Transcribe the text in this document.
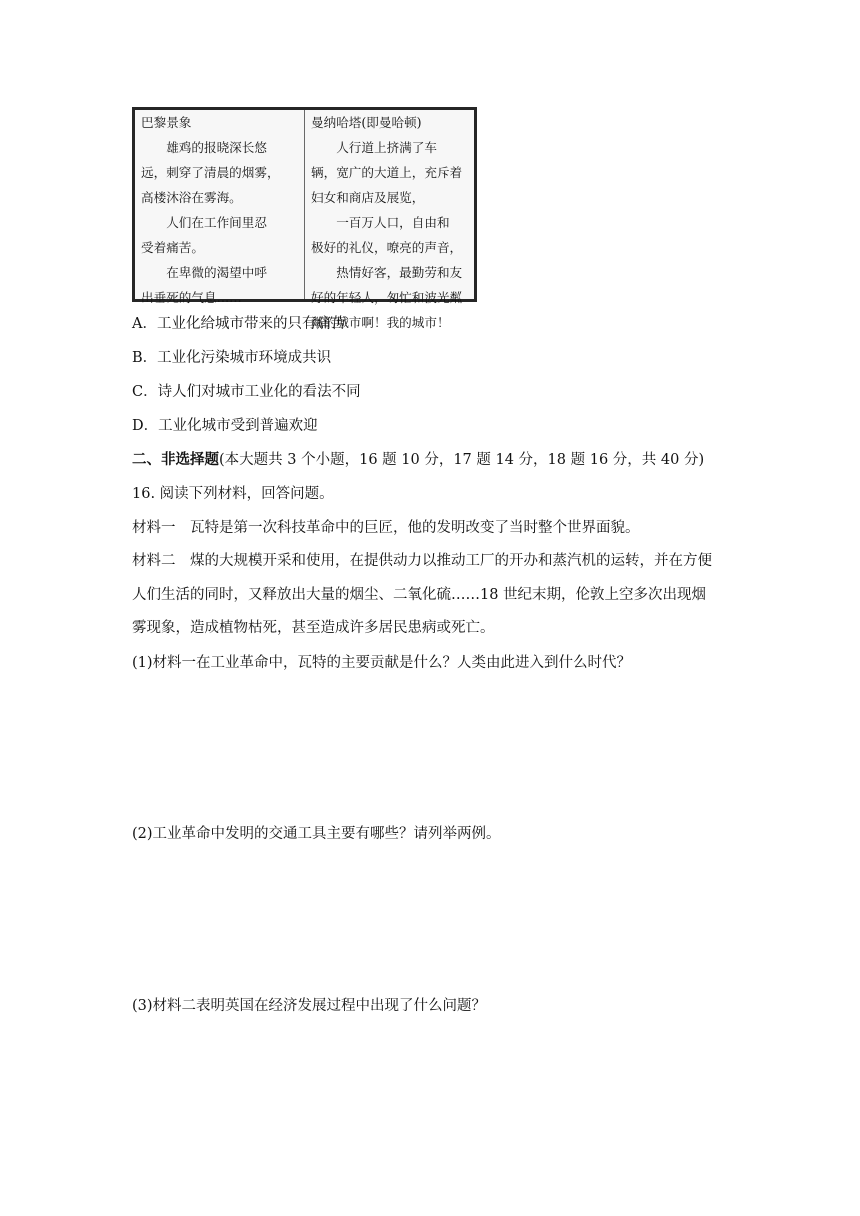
巴黎景象
　　雄鸡的报晓深长悠
远，刺穿了清晨的烟雾，
高楼沐浴在雾海。
　　人们在工作间里忍
受着痛苦。
　　在卑微的渴望中呼
出垂死的气息……
曼纳哈塔(即曼哈顿)
　　人行道上挤满了车
辆，宽广的大道上，充斥着
妇女和商店及展览，
　　一百万人口，自由和
极好的礼仪，嘹亮的声音，
　　热情好客，最勤劳和友
好的年轻人，匆忙和波光粼
粼的城市啊！我的城市！
A．工业化给城市带来的只有痛苦
B．工业化污染城市环境成共识
C．诗人们对城市工业化的看法不同
D．工业化城市受到普遍欢迎
二、非选择题(本大题共 3 个小题，16 题 10 分，17 题 14 分，18 题 16 分，共 40 分)
16. 阅读下列材料，回答问题。
材料一　瓦特是第一次科技革命中的巨匠，他的发明改变了当时整个世界面貌。
材料二　煤的大规模开采和使用，在提供动力以推动工厂的开办和蒸汽机的运转，并在方便
人们生活的同时，又释放出大量的烟尘、二氧化硫……18 世纪末期，伦敦上空多次出现烟
雾现象，造成植物枯死，甚至造成许多居民患病或死亡。
(1)材料一在工业革命中，瓦特的主要贡献是什么？人类由此进入到什么时代？
(2)工业革命中发明的交通工具主要有哪些？请列举两例。
(3)材料二表明英国在经济发展过程中出现了什么问题？
